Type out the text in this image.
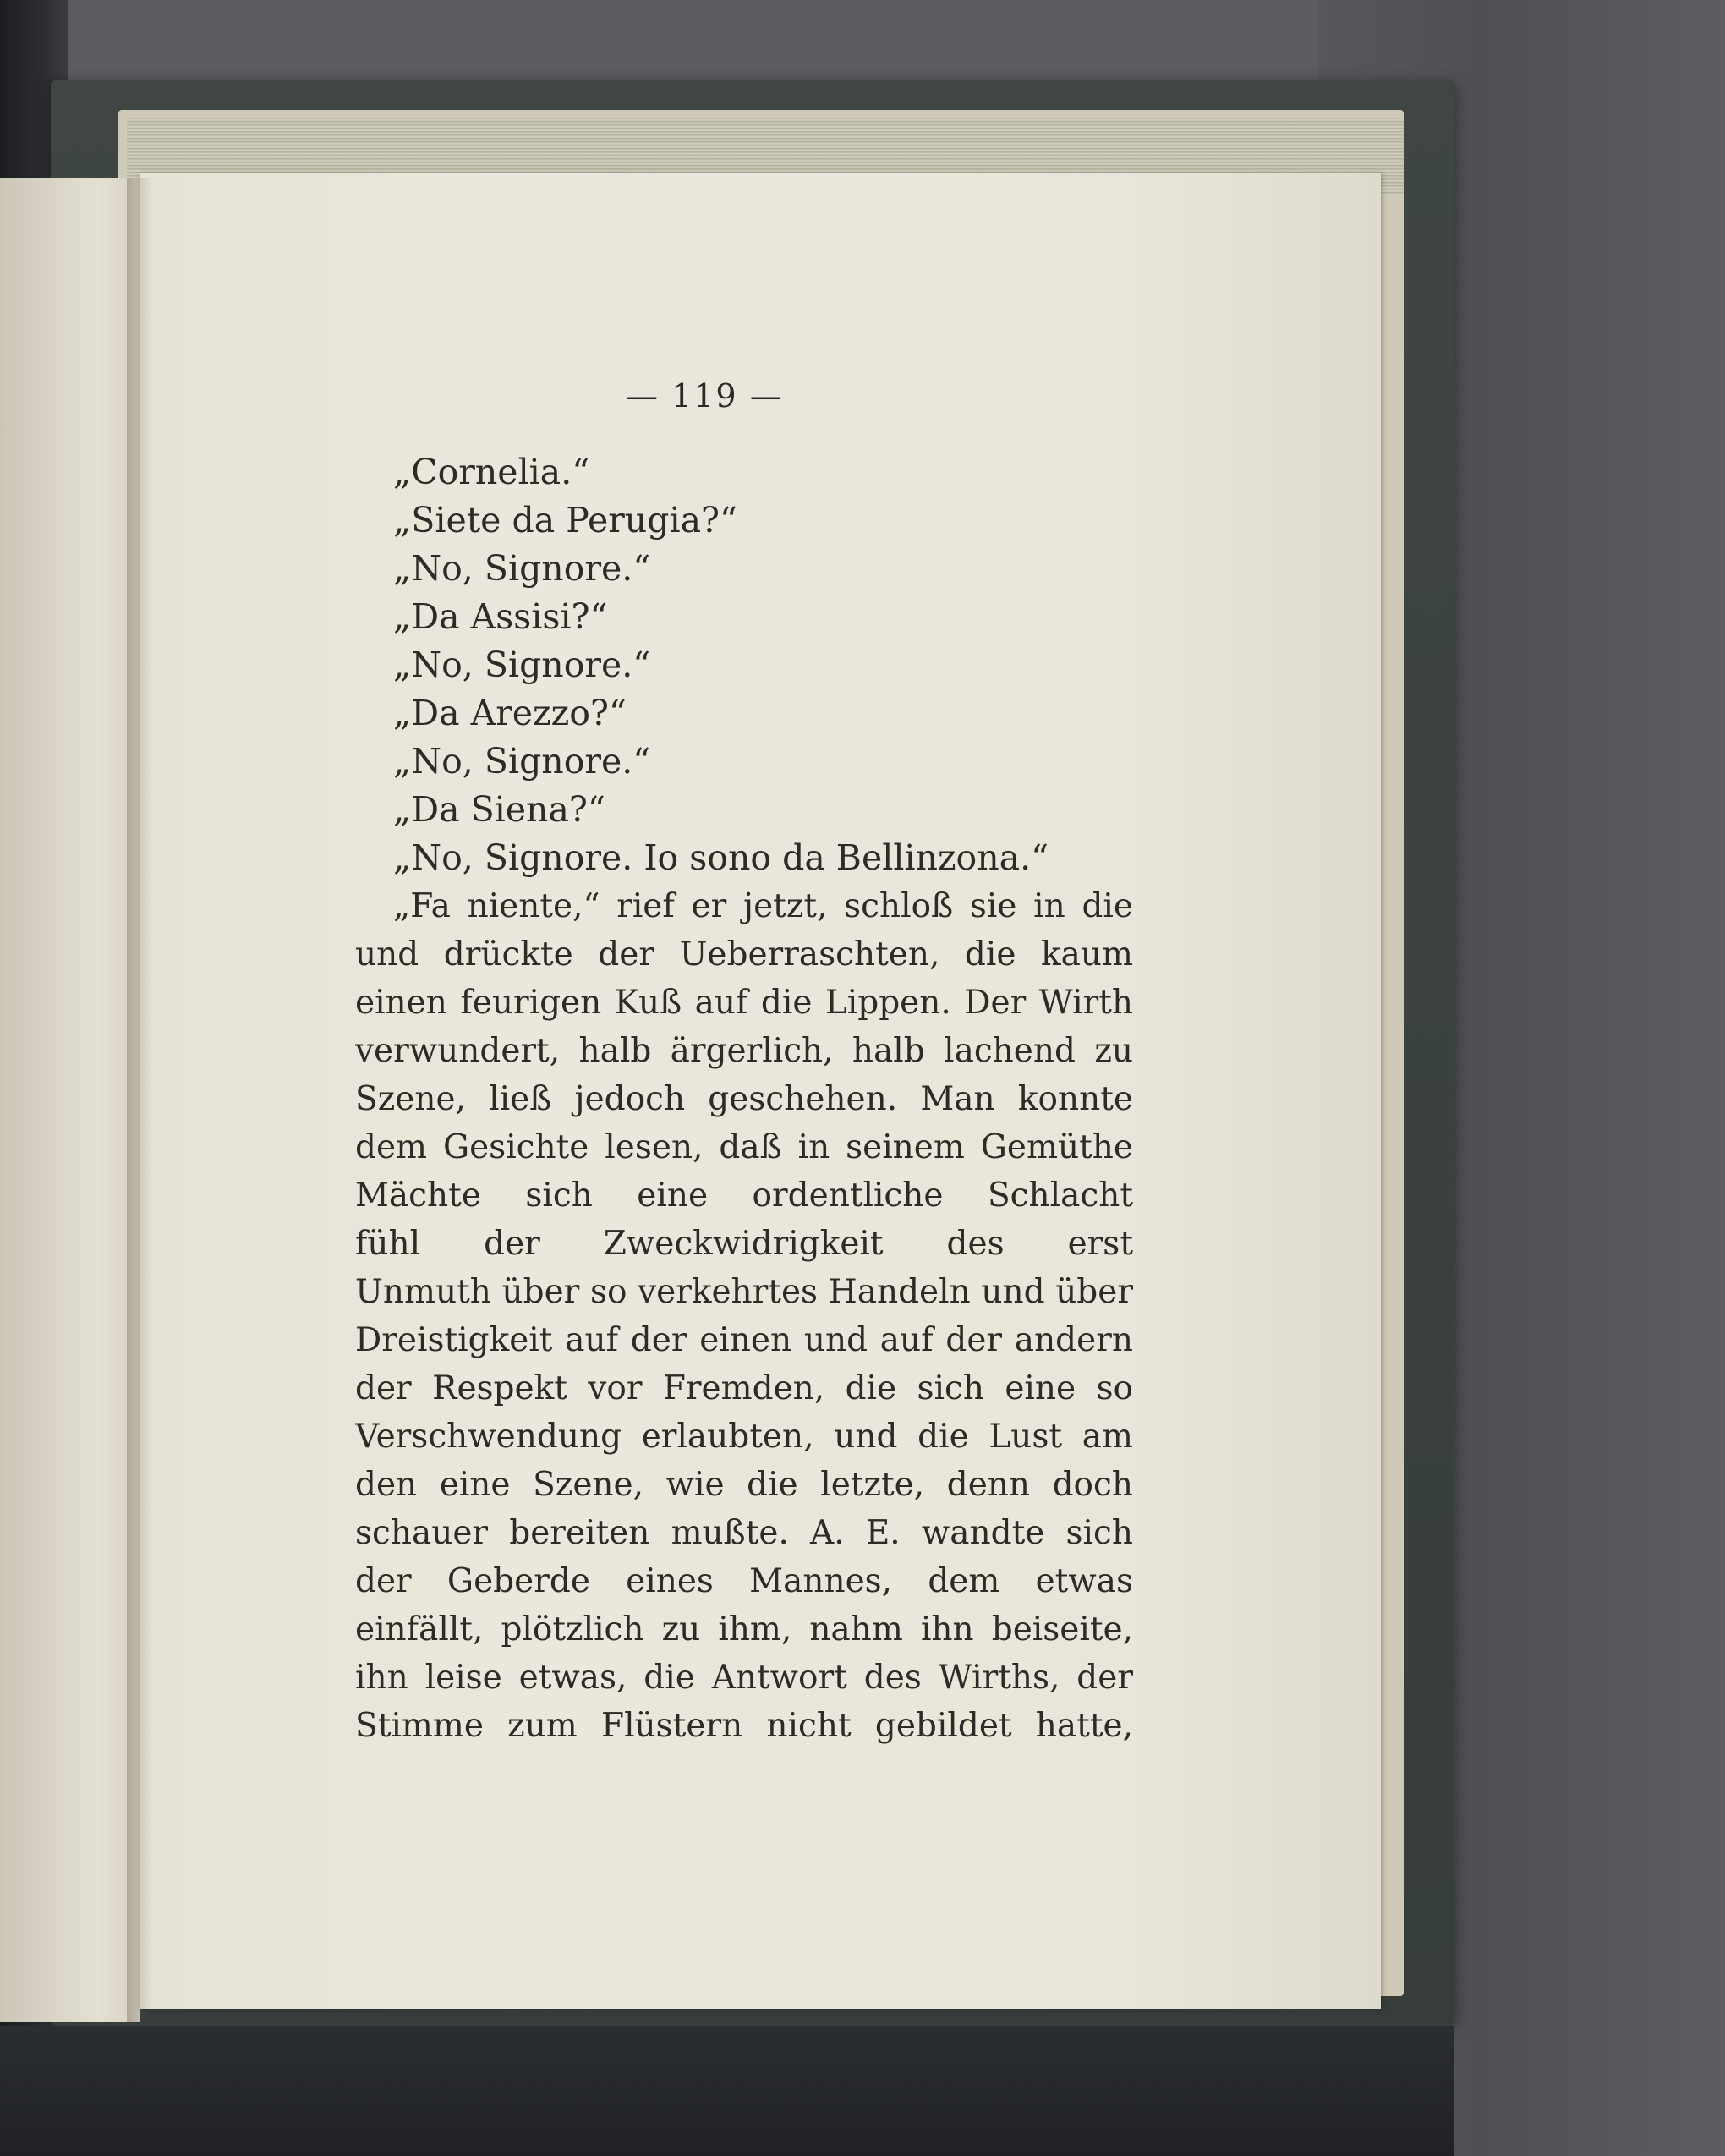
— 119 —
„Cornelia.“
„Siete da Perugia?“
„No, Signore.“
„Da Assisi?“
„No, Signore.“
„Da Arezzo?“
„No, Signore.“
„Da Siena?“
„No, Signore. Io sono da Bellinzona.“
„Fa niente,“ rief er jetzt, schloß sie in die
und drückte der Ueberraschten, die kaum
einen feurigen Kuß auf die Lippen. Der Wirth
verwundert, halb ärgerlich, halb lachend zu
Szene, ließ jedoch geschehen. Man konnte
dem Gesichte lesen, daß in seinem Gemüthe
Mächte sich eine ordentliche Schlacht
fühl der Zweckwidrigkeit des erst
Unmuth über so verkehrtes Handeln und über
Dreistigkeit auf der einen und auf der andern
der Respekt vor Fremden, die sich eine so
Verschwendung erlaubten, und die Lust am
den eine Szene, wie die letzte, denn doch
schauer bereiten mußte. A. E. wandte sich
der Geberde eines Mannes, dem etwas
einfällt, plötzlich zu ihm, nahm ihn beiseite,
ihn leise etwas, die Antwort des Wirths, der
Stimme zum Flüstern nicht gebildet hatte,
